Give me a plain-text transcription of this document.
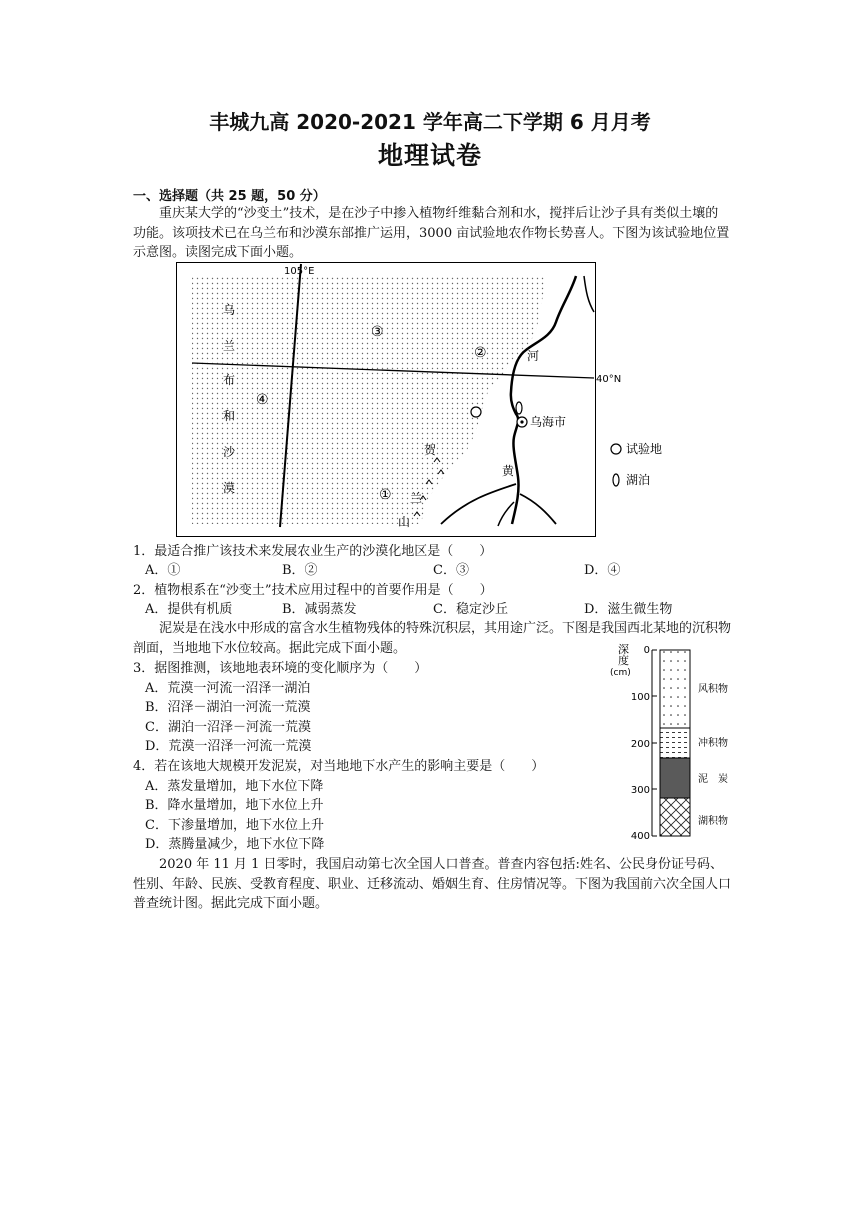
丰城九高 2020-2021 学年高二下学期 6 月月考
地理试卷
一、选择题（共 25 题，50 分）

重庆某大学的“沙变土”技术，是在沙子中掺入植物纤维黏合剂和水，搅拌后让沙子具有类似土壤的功能。该项技术已在乌兰布和沙漠东部推广运用，3000 亩试验地农作物长势喜人。下图为该试验地位置示意图。读图完成下面小题。

③
②
④
①
乌
兰
布
和
沙
漠
105°E
40°N
河
黄
乌海市
贺
兰
山
试验地
湖泊
1．最适合推广该技术来发展农业生产的沙漠化地区是（　　）
A．①	B．②	C．③	D．④
2．植物根系在“沙变土”技术应用过程中的首要作用是（　　）
A．提供有机质	B．减弱蒸发	C．稳定沙丘	D．滋生微生物

泥炭是在浅水中形成的富含水生植物残体的特殊沉积层，其用途广泛。下图是我国西北某地的沉积物剖面，当地地下水位较高。据此完成下面小题。

3．据图推测，该地地表环境的变化顺序为（　　）
A．荒漠一河流一沼泽一湖泊
B．沼泽－湖泊一河流一荒漠
C．湖泊一沼泽－河流一荒漠
D．荒漠一沼泽一河流一荒漠
4．若在该地大规模开发泥炭，对当地地下水产生的影响主要是（　　）
A．蒸发量增加，地下水位下降
B．降水量增加，地下水位上升
C．下渗量增加，地下水位上升
D．蒸腾量减少，地下水位下降

2020 年 11 月 1 日零时，我国启动第七次全国人口普查。普查内容包括:姓名、公民身份证号码、性别、年龄、民族、受教育程度、职业、迁移流动、婚姻生育、住房情况等。下图为我国前六次全国人口普查统计图。据此完成下面小题。

深
度
(cm)
0
100
200
300
400
风积物
冲积物
泥　炭
湖积物
